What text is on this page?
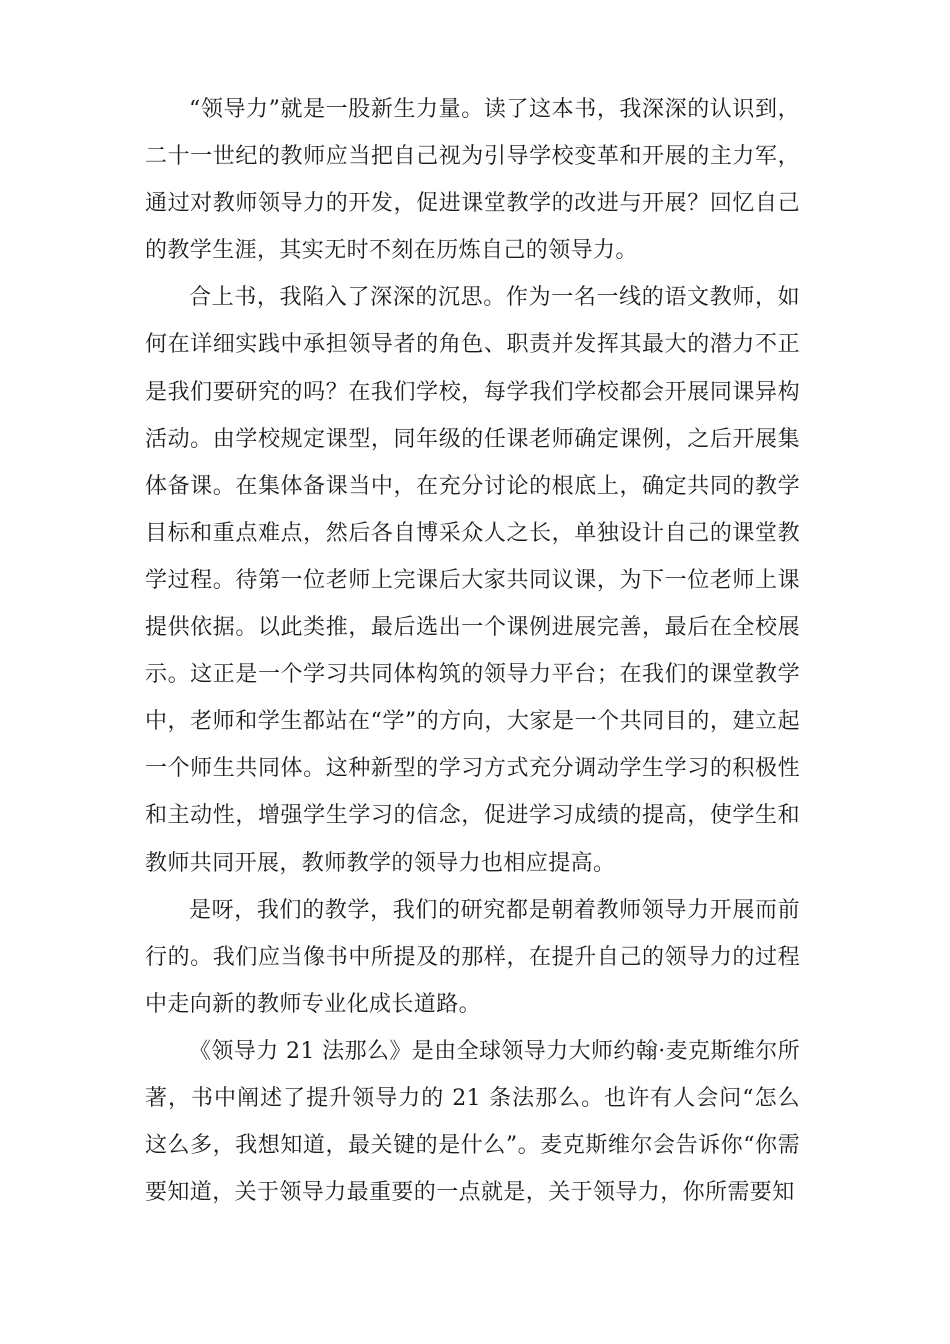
“领导力”就是一股新生力量。读了这本书，我深深的认识到，二十一世纪的教师应当把自己视为引导学校变革和开展的主力军，通过对教师领导力的开发，促进课堂教学的改进与开展？回忆自己的教学生涯，其实无时不刻在历炼自己的领导力。

合上书，我陷入了深深的沉思。作为一名一线的语文教师，如何在详细实践中承担领导者的角色、职责并发挥其最大的潜力不正是我们要研究的吗？在我们学校，每学我们学校都会开展同课异构活动。由学校规定课型，同年级的任课老师确定课例，之后开展集体备课。在集体备课当中，在充分讨论的根底上，确定共同的教学目标和重点难点，然后各自博采众人之长，单独设计自己的课堂教学过程。待第一位老师上完课后大家共同议课，为下一位老师上课提供依据。以此类推，最后选出一个课例进展完善，最后在全校展示。这正是一个学习共同体构筑的领导力平台；在我们的课堂教学中，老师和学生都站在“学”的方向，大家是一个共同目的，建立起一个师生共同体。这种新型的学习方式充分调动学生学习的积极性和主动性，增强学生学习的信念，促进学习成绩的提高，使学生和教师共同开展，教师教学的领导力也相应提高。

是呀，我们的教学，我们的研究都是朝着教师领导力开展而前行的。我们应当像书中所提及的那样，在提升自己的领导力的过程中走向新的教师专业化成长道路。

《领导力 21 法那么》是由全球领导力大师约翰·麦克斯维尔所著，书中阐述了提升领导力的 21 条法那么。也许有人会问“怎么这么多，我想知道，最关键的是什么”。麦克斯维尔会告诉你“你需要知道，关于领导力最重要的一点就是，关于领导力，你所需要知
